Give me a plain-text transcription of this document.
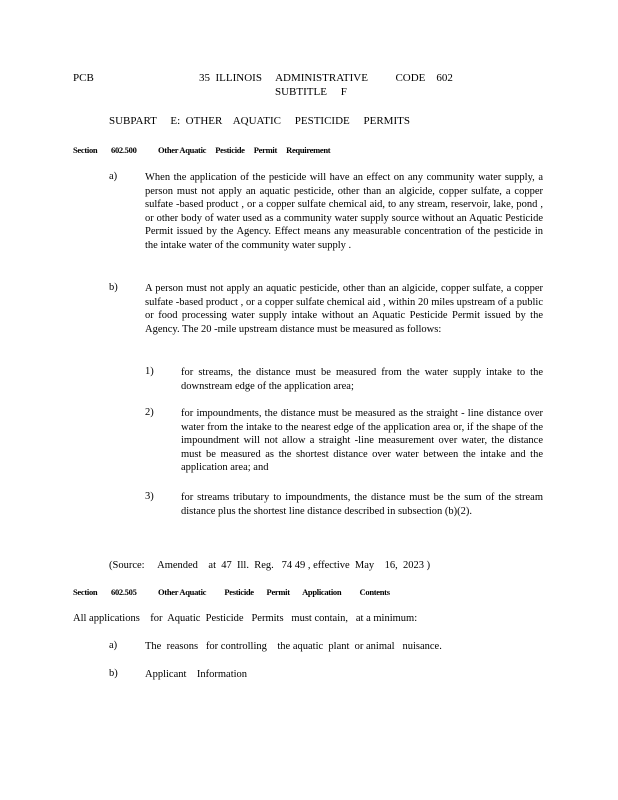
PCB	35  ILLINOIS     ADMINISTRATIVE          CODE    602
SUBTITLE     F
SUBPART     E:  OTHER    AQUATIC     PESTICIDE     PERMITS
Section 602.500	Other Aquatic     Pesticide     Permit     Requirement
a)	When the application of the pesticide will have an effect on any community water supply, a person must not apply an aquatic pesticide, other than an algicide, copper sulfate, a copper sulfate -based product , or a copper sulfate chemical aid, to any stream, reservoir, lake, pond , or other body of water used as a community water supply source without an Aquatic Pesticide Permit issued by the Agency. Effect means any measurable concentration of the pesticide in the intake water of the community water supply .
b)	A person must not apply an aquatic pesticide, other than an algicide, copper sulfate, a copper sulfate -based product , or a copper sulfate chemical aid , within 20 miles upstream of a public or food processing water supply intake without an Aquatic Pesticide Permit issued by the Agency. The 20 -mile upstream distance must be measured as follows:
1)	for streams, the distance must be measured from the water supply intake to the downstream edge of the application area;
2)	for impoundments, the distance must be measured as the straight - line distance over water from the intake to the nearest edge of the application area or, if the shape of the impoundment will not allow a straight -line measurement over water, the distance must be measured as the shortest distance over water between the intake and the application area; and
3)	for streams tributary to impoundments, the distance must be the sum of the stream distance plus the shortest line distance described in subsection (b)(2).
(Source:     Amended    at  47  Ill.  Reg.   74 49 , effective  May    16,  2023 )
Section 602.505	Other Aquatic          Pesticide       Permit       Application          Contents
All applications    for  Aquatic  Pesticide   Permits   must contain,   at a minimum:
a)	The  reasons   for controlling    the aquatic  plant  or animal   nuisance.
b)	Applicant    Information
